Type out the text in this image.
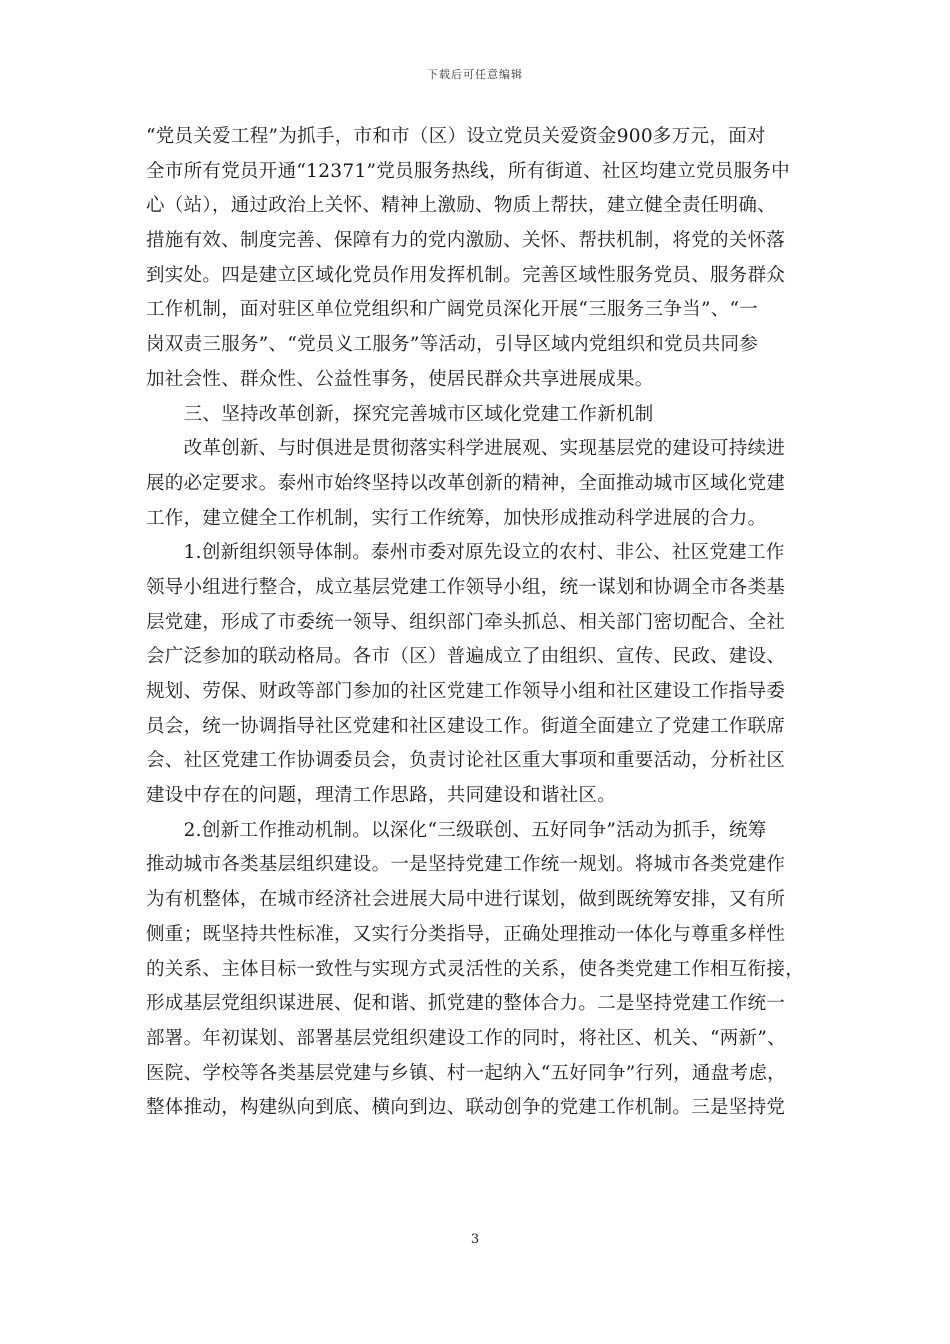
下载后可任意编辑
“党员关爱工程”为抓手，市和市（区）设立党员关爱资金900多万元，面对
全市所有党员开通“12371”党员服务热线，所有街道、社区均建立党员服务中
心（站），通过政治上关怀、精神上激励、物质上帮扶，建立健全责任明确、
措施有效、制度完善、保障有力的党内激励、关怀、帮扶机制，将党的关怀落
到实处。四是建立区域化党员作用发挥机制。完善区域性服务党员、服务群众
工作机制，面对驻区单位党组织和广阔党员深化开展“三服务三争当”、“一
岗双责三服务”、“党员义工服务”等活动，引导区域内党组织和党员共同参
加社会性、群众性、公益性事务，使居民群众共享进展成果。
　　三、坚持改革创新，探究完善城市区域化党建工作新机制
　　改革创新、与时俱进是贯彻落实科学进展观、实现基层党的建设可持续进
展的必定要求。泰州市始终坚持以改革创新的精神，全面推动城市区域化党建
工作，建立健全工作机制，实行工作统筹，加快形成推动科学进展的合力。
　　1.创新组织领导体制。泰州市委对原先设立的农村、非公、社区党建工作
领导小组进行整合，成立基层党建工作领导小组，统一谋划和协调全市各类基
层党建，形成了市委统一领导、组织部门牵头抓总、相关部门密切配合、全社
会广泛参加的联动格局。各市（区）普遍成立了由组织、宣传、民政、建设、
规划、劳保、财政等部门参加的社区党建工作领导小组和社区建设工作指导委
员会，统一协调指导社区党建和社区建设工作。街道全面建立了党建工作联席
会、社区党建工作协调委员会，负责讨论社区重大事项和重要活动，分析社区
建设中存在的问题，理清工作思路，共同建设和谐社区。
　　2.创新工作推动机制。以深化“三级联创、五好同争”活动为抓手，统筹
推动城市各类基层组织建设。一是坚持党建工作统一规划。将城市各类党建作
为有机整体，在城市经济社会进展大局中进行谋划，做到既统筹安排，又有所
侧重；既坚持共性标准，又实行分类指导，正确处理推动一体化与尊重多样性
的关系、主体目标一致性与实现方式灵活性的关系，使各类党建工作相互衔接，
形成基层党组织谋进展、促和谐、抓党建的整体合力。二是坚持党建工作统一
部署。年初谋划、部署基层党组织建设工作的同时，将社区、机关、“两新”、
医院、学校等各类基层党建与乡镇、村一起纳入“五好同争”行列，通盘考虑，
整体推动，构建纵向到底、横向到边、联动创争的党建工作机制。三是坚持党
3
